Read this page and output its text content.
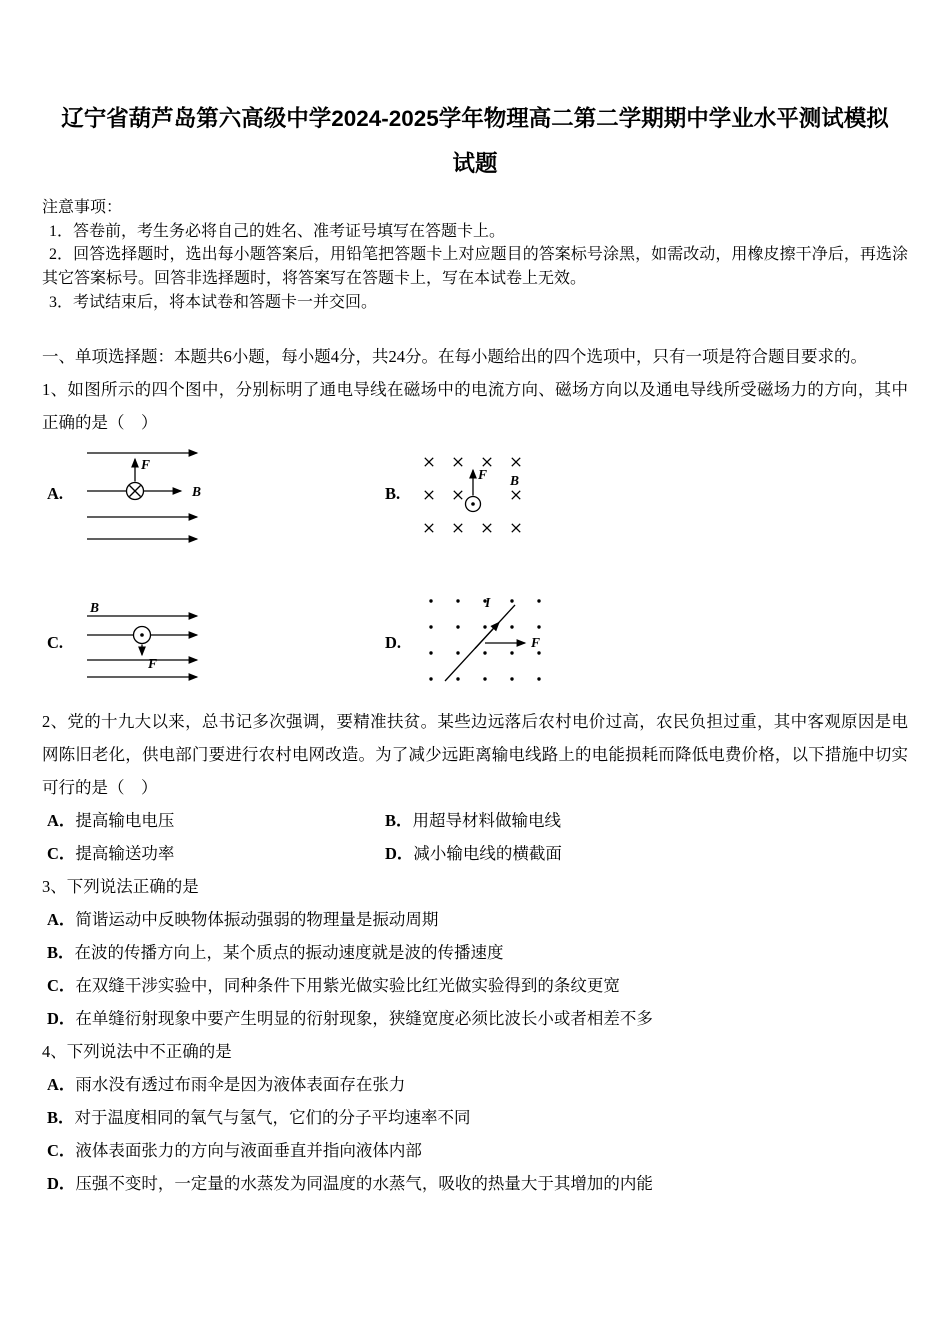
辽宁省葫芦岛第六高级中学2024-2025学年物理高二第二学期期中学业水平测试模拟
试题
注意事项：
1．答卷前，考生务必将自己的姓名、准考证号填写在答题卡上。
2．回答选择题时，选出每小题答案后，用铅笔把答题卡上对应题目的答案标号涂黑，如需改动，用橡皮擦干净后，再选涂其它答案标号。回答非选择题时，将答案写在答题卡上，写在本试卷上无效。
3．考试结束后，将本试卷和答题卡一并交回。
一、单项选择题：本题共6小题，每小题4分，共24分。在每小题给出的四个选项中，只有一项是符合题目要求的。
1、如图所示的四个图中，分别标明了通电导线在磁场中的电流方向、磁场方向以及通电导线所受磁场力的方向，其中正确的是（　）
A.
F
B	B.
F B
C.
B
F
D.
I
F
2、党的十九大以来，总书记多次强调，要精准扶贫。某些边远落后农村电价过高，农民负担过重，其中客观原因是电网陈旧老化，供电部门要进行农村电网改造。为了减少远距离输电线路上的电能损耗而降低电费价格，以下措施中切实可行的是（　）
A．提高输电电压	B．用超导材料做输电线
C．提高输送功率	D．减小输电线的横截面
3、下列说法正确的是
A．简谐运动中反映物体振动强弱的物理量是振动周期
B．在波的传播方向上，某个质点的振动速度就是波的传播速度
C．在双缝干涉实验中，同种条件下用紫光做实验比红光做实验得到的条纹更宽
D．在单缝衍射现象中要产生明显的衍射现象，狭缝宽度必须比波长小或者相差不多
4、下列说法中不正确的是
A．雨水没有透过布雨伞是因为液体表面存在张力
B．对于温度相同的氧气与氢气，它们的分子平均速率不同
C．液体表面张力的方向与液面垂直并指向液体内部
D．压强不变时，一定量的水蒸发为同温度的水蒸气，吸收的热量大于其增加的内能
